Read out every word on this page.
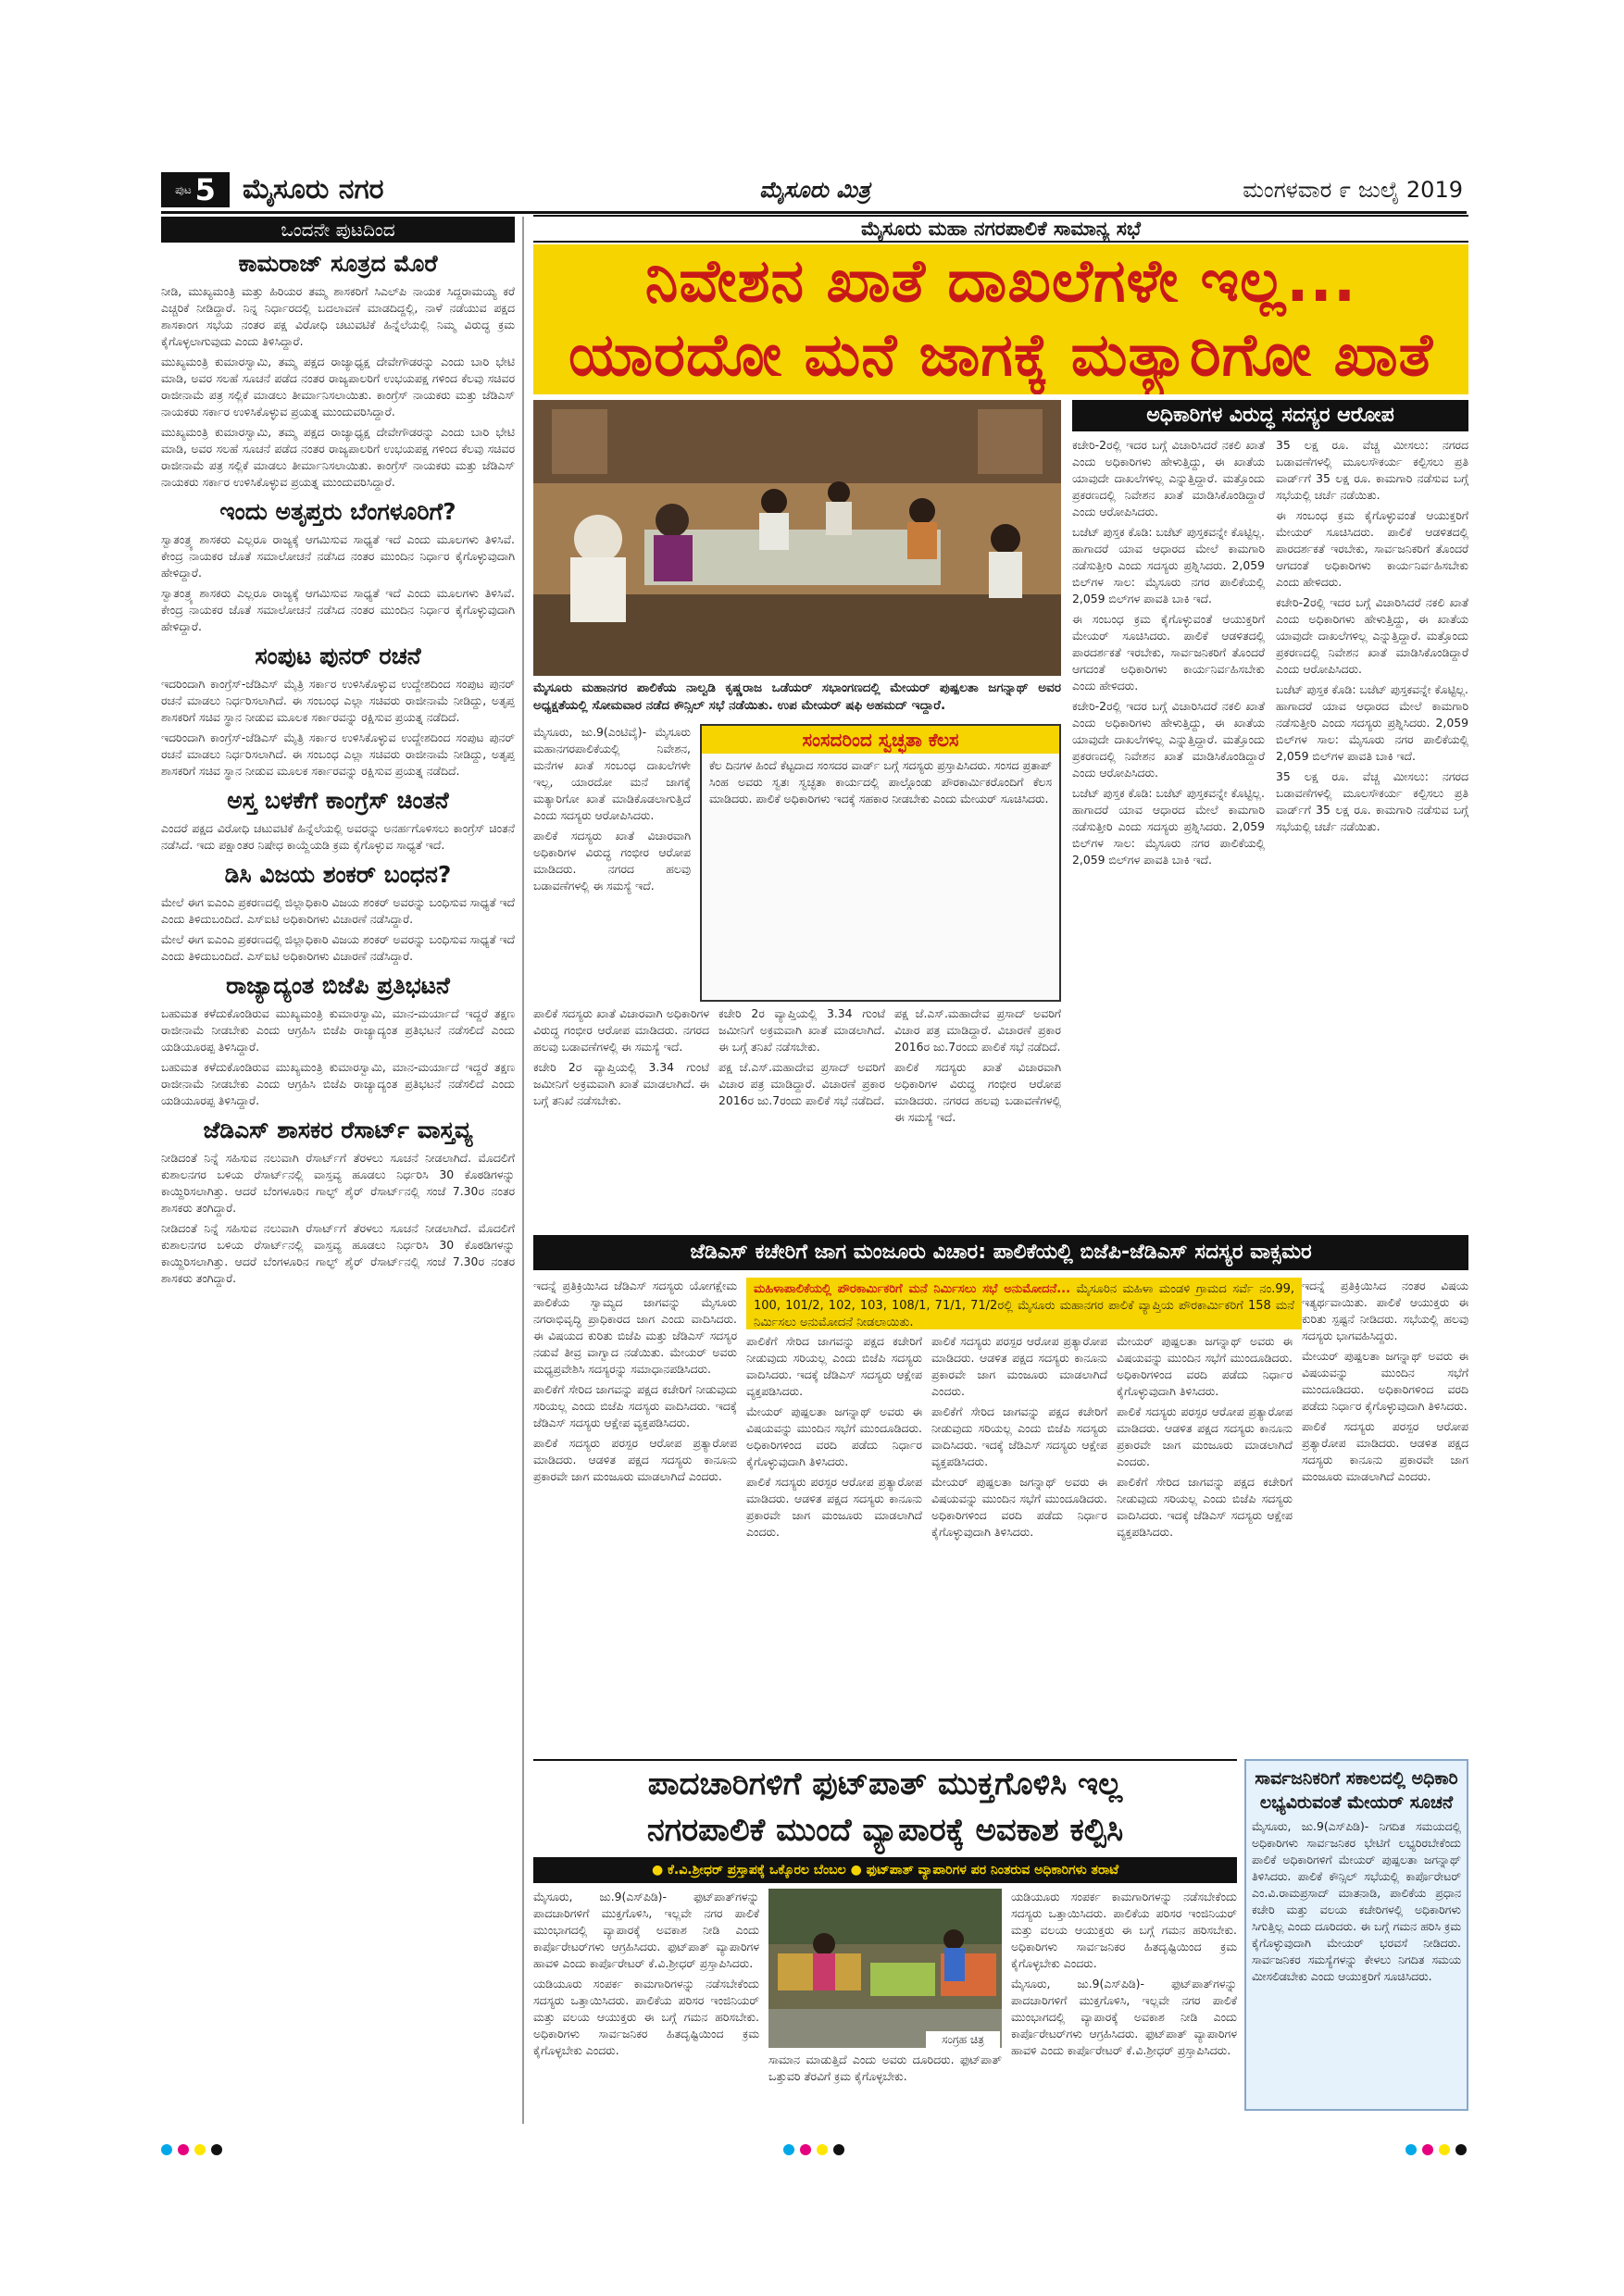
ಪುಟ 5 ಮೈಸೂರು ನಗರ	ಮೈಸೂರು ಮಿತ್ರ	ಮಂಗಳವಾರ ೯ ಜುಲೈ 2019
ಒಂದನೇ ಪುಟದಿಂದ
ಕಾಮರಾಜ್ ಸೂತ್ರದ ಮೊರೆ

ನೀಡಿ, ಮುಖ್ಯಮಂತ್ರಿ ಮತ್ತು ಹಿರಿಯರ ತಮ್ಮ ಶಾಸಕರಿಗೆ ಸಿಎಲ್‌ಪಿ ನಾಯಕ ಸಿದ್ದರಾಮಯ್ಯ ಕರೆ ಎಚ್ಚರಿಕೆ ನೀಡಿದ್ದಾರೆ. ನಿನ್ನ ನಿರ್ಧಾರದಲ್ಲಿ ಬದಲಾವಣೆ ಮಾಡದಿದ್ದಲ್ಲಿ, ನಾಳೆ ನಡೆಯುವ ಪಕ್ಷದ ಶಾಸಕಾಂಗ ಸಭೆಯ ನಂತರ ಪಕ್ಷ ವಿರೋಧಿ ಚಟುವಟಿಕೆ ಹಿನ್ನೆಲೆಯಲ್ಲಿ ನಿಮ್ಮ ವಿರುದ್ಧ ಕ್ರಮ ಕೈಗೊಳ್ಳಲಾಗುವುದು ಎಂದು ತಿಳಿಸಿದ್ದಾರೆ.

ಮುಖ್ಯಮಂತ್ರಿ ಕುಮಾರಸ್ವಾಮಿ, ತಮ್ಮ ಪಕ್ಷದ ರಾಜ್ಯಾಧ್ಯಕ್ಷ ದೇವೇಗೌಡರನ್ನು ಎಂದು ಬಾರಿ ಭೇಟಿ ಮಾಡಿ, ಅವರ ಸಲಹೆ ಸೂಚನೆ ಪಡೆದ ನಂತರ ರಾಜ್ಯಪಾಲರಿಗೆ ಉಭಯಪಕ್ಷ ಗಳಿಂದ ಕೆಲವು ಸಚಿವರ ರಾಜೀನಾಮೆ ಪತ್ರ ಸಲ್ಲಿಕೆ ಮಾಡಲು ತೀರ್ಮಾನಿಸಲಾಯಿತು. ಕಾಂಗ್ರೆಸ್ ನಾಯಕರು ಮತ್ತು ಜೆಡಿಎಸ್ ನಾಯಕರು ಸರ್ಕಾರ ಉಳಿಸಿಕೊಳ್ಳುವ ಪ್ರಯತ್ನ ಮುಂದುವರಿಸಿದ್ದಾರೆ.

ಮುಖ್ಯಮಂತ್ರಿ ಕುಮಾರಸ್ವಾಮಿ, ತಮ್ಮ ಪಕ್ಷದ ರಾಜ್ಯಾಧ್ಯಕ್ಷ ದೇವೇಗೌಡರನ್ನು ಎಂದು ಬಾರಿ ಭೇಟಿ ಮಾಡಿ, ಅವರ ಸಲಹೆ ಸೂಚನೆ ಪಡೆದ ನಂತರ ರಾಜ್ಯಪಾಲರಿಗೆ ಉಭಯಪಕ್ಷ ಗಳಿಂದ ಕೆಲವು ಸಚಿವರ ರಾಜೀನಾಮೆ ಪತ್ರ ಸಲ್ಲಿಕೆ ಮಾಡಲು ತೀರ್ಮಾನಿಸಲಾಯಿತು. ಕಾಂಗ್ರೆಸ್ ನಾಯಕರು ಮತ್ತು ಜೆಡಿಎಸ್ ನಾಯಕರು ಸರ್ಕಾರ ಉಳಿಸಿಕೊಳ್ಳುವ ಪ್ರಯತ್ನ ಮುಂದುವರಿಸಿದ್ದಾರೆ.

ಇಂದು ಅತೃಪ್ತರು ಬೆಂಗಳೂರಿಗೆ?

ಸ್ವಾತಂತ್ರ್ಯ ಶಾಸಕರು ಎಲ್ಲರೂ ರಾಜ್ಯಕ್ಕೆ ಆಗಮಿಸುವ ಸಾಧ್ಯತೆ ಇದೆ ಎಂದು ಮೂಲಗಳು ತಿಳಿಸಿವೆ. ಕೇಂದ್ರ ನಾಯಕರ ಜೊತೆ ಸಮಾಲೋಚನೆ ನಡೆಸಿದ ನಂತರ ಮುಂದಿನ ನಿರ್ಧಾರ ಕೈಗೊಳ್ಳುವುದಾಗಿ ಹೇಳಿದ್ದಾರೆ.

ಸ್ವಾತಂತ್ರ್ಯ ಶಾಸಕರು ಎಲ್ಲರೂ ರಾಜ್ಯಕ್ಕೆ ಆಗಮಿಸುವ ಸಾಧ್ಯತೆ ಇದೆ ಎಂದು ಮೂಲಗಳು ತಿಳಿಸಿವೆ. ಕೇಂದ್ರ ನಾಯಕರ ಜೊತೆ ಸಮಾಲೋಚನೆ ನಡೆಸಿದ ನಂತರ ಮುಂದಿನ ನಿರ್ಧಾರ ಕೈಗೊಳ್ಳುವುದಾಗಿ ಹೇಳಿದ್ದಾರೆ.

ಸಂಪುಟ ಪುನರ್ ರಚನೆ

ಇದರಿಂದಾಗಿ ಕಾಂಗ್ರೆಸ್-ಜೆಡಿಎಸ್ ಮೈತ್ರಿ ಸರ್ಕಾರ ಉಳಿಸಿಕೊಳ್ಳುವ ಉದ್ದೇಶದಿಂದ ಸಂಪುಟ ಪುನರ್ ರಚನೆ ಮಾಡಲು ನಿರ್ಧರಿಸಲಾಗಿದೆ. ಈ ಸಂಬಂಧ ಎಲ್ಲಾ ಸಚಿವರು ರಾಜೀನಾಮೆ ನೀಡಿದ್ದು, ಅತೃಪ್ತ ಶಾಸಕರಿಗೆ ಸಚಿವ ಸ್ಥಾನ ನೀಡುವ ಮೂಲಕ ಸರ್ಕಾರವನ್ನು ರಕ್ಷಿಸುವ ಪ್ರಯತ್ನ ನಡೆದಿದೆ.

ಇದರಿಂದಾಗಿ ಕಾಂಗ್ರೆಸ್-ಜೆಡಿಎಸ್ ಮೈತ್ರಿ ಸರ್ಕಾರ ಉಳಿಸಿಕೊಳ್ಳುವ ಉದ್ದೇಶದಿಂದ ಸಂಪುಟ ಪುನರ್ ರಚನೆ ಮಾಡಲು ನಿರ್ಧರಿಸಲಾಗಿದೆ. ಈ ಸಂಬಂಧ ಎಲ್ಲಾ ಸಚಿವರು ರಾಜೀನಾಮೆ ನೀಡಿದ್ದು, ಅತೃಪ್ತ ಶಾಸಕರಿಗೆ ಸಚಿವ ಸ್ಥಾನ ನೀಡುವ ಮೂಲಕ ಸರ್ಕಾರವನ್ನು ರಕ್ಷಿಸುವ ಪ್ರಯತ್ನ ನಡೆದಿದೆ.

ಅಸ್ತ ಬಳಕೆಗೆ ಕಾಂಗ್ರೆಸ್ ಚಿಂತನೆ

ಎಂದರೆ ಪಕ್ಷದ ವಿರೋಧಿ ಚಟುವಟಿಕೆ ಹಿನ್ನೆಲೆಯಲ್ಲಿ ಅವರನ್ನು ಅನರ್ಹಗೊಳಿಸಲು ಕಾಂಗ್ರೆಸ್ ಚಿಂತನೆ ನಡೆಸಿದೆ. ಇದು ಪಕ್ಷಾಂತರ ನಿಷೇಧ ಕಾಯ್ದೆಯಡಿ ಕ್ರಮ ಕೈಗೊಳ್ಳುವ ಸಾಧ್ಯತೆ ಇದೆ.

ಡಿಸಿ ವಿಜಯ ಶಂಕರ್ ಬಂಧನ?

ಮೇಲೆ ಈಗ ಐಎಂಎ ಪ್ರಕರಣದಲ್ಲಿ ಜಿಲ್ಲಾಧಿಕಾರಿ ವಿಜಯ ಶಂಕರ್ ಅವರನ್ನು ಬಂಧಿಸುವ ಸಾಧ್ಯತೆ ಇದೆ ಎಂದು ತಿಳಿದುಬಂದಿದೆ. ಎಸ್‌ಐಟಿ ಅಧಿಕಾರಿಗಳು ವಿಚಾರಣೆ ನಡೆಸಿದ್ದಾರೆ.

ಮೇಲೆ ಈಗ ಐಎಂಎ ಪ್ರಕರಣದಲ್ಲಿ ಜಿಲ್ಲಾಧಿಕಾರಿ ವಿಜಯ ಶಂಕರ್ ಅವರನ್ನು ಬಂಧಿಸುವ ಸಾಧ್ಯತೆ ಇದೆ ಎಂದು ತಿಳಿದುಬಂದಿದೆ. ಎಸ್‌ಐಟಿ ಅಧಿಕಾರಿಗಳು ವಿಚಾರಣೆ ನಡೆಸಿದ್ದಾರೆ.

ರಾಜ್ಯಾದ್ಯಂತ ಬಿಜೆಪಿ ಪ್ರತಿಭಟನೆ

ಬಹುಮತ ಕಳೆದುಕೊಂಡಿರುವ ಮುಖ್ಯಮಂತ್ರಿ ಕುಮಾರಸ್ವಾಮಿ, ಮಾನ-ಮರ್ಯಾದೆ ಇದ್ದರೆ ತಕ್ಷಣ ರಾಜೀನಾಮೆ ನೀಡಬೇಕು ಎಂದು ಆಗ್ರಹಿಸಿ ಬಿಜೆಪಿ ರಾಜ್ಯಾದ್ಯಂತ ಪ್ರತಿಭಟನೆ ನಡೆಸಲಿದೆ ಎಂದು ಯಡಿಯೂರಪ್ಪ ತಿಳಿಸಿದ್ದಾರೆ.

ಬಹುಮತ ಕಳೆದುಕೊಂಡಿರುವ ಮುಖ್ಯಮಂತ್ರಿ ಕುಮಾರಸ್ವಾಮಿ, ಮಾನ-ಮರ್ಯಾದೆ ಇದ್ದರೆ ತಕ್ಷಣ ರಾಜೀನಾಮೆ ನೀಡಬೇಕು ಎಂದು ಆಗ್ರಹಿಸಿ ಬಿಜೆಪಿ ರಾಜ್ಯಾದ್ಯಂತ ಪ್ರತಿಭಟನೆ ನಡೆಸಲಿದೆ ಎಂದು ಯಡಿಯೂರಪ್ಪ ತಿಳಿಸಿದ್ದಾರೆ.

ಜೆಡಿಎಸ್ ಶಾಸಕರ ರೆಸಾರ್ಟ್ ವಾಸ್ತವ್ಯ

ನೀಡಿದಂತೆ ನಿನ್ನೆ ಸಹಿಸುವ ನಲುವಾಗಿ ರೆಸಾರ್ಟ್‌ಗೆ ತೆರಳಲು ಸೂಚನೆ ನೀಡಲಾಗಿದೆ. ಮೊದಲಿಗೆ ಕುಶಾಲನಗರ ಬಳಿಯ ರೆಸಾರ್ಟ್‌ನಲ್ಲಿ ವಾಸ್ತವ್ಯ ಹೂಡಲು ನಿರ್ಧರಿಸಿ 30 ಕೊಠಡಿಗಳನ್ನು ಕಾಯ್ದಿರಿಸಲಾಗಿತ್ತು. ಆದರೆ ಬೆಂಗಳೂರಿನ ಗಾಲ್ಫ್ ಶೈರ್ ರೆಸಾರ್ಟ್‌ನಲ್ಲಿ ಸಂಜೆ 7.30ರ ನಂತರ ಶಾಸಕರು ತಂಗಿದ್ದಾರೆ.

ನೀಡಿದಂತೆ ನಿನ್ನೆ ಸಹಿಸುವ ನಲುವಾಗಿ ರೆಸಾರ್ಟ್‌ಗೆ ತೆರಳಲು ಸೂಚನೆ ನೀಡಲಾಗಿದೆ. ಮೊದಲಿಗೆ ಕುಶಾಲನಗರ ಬಳಿಯ ರೆಸಾರ್ಟ್‌ನಲ್ಲಿ ವಾಸ್ತವ್ಯ ಹೂಡಲು ನಿರ್ಧರಿಸಿ 30 ಕೊಠಡಿಗಳನ್ನು ಕಾಯ್ದಿರಿಸಲಾಗಿತ್ತು. ಆದರೆ ಬೆಂಗಳೂರಿನ ಗಾಲ್ಫ್ ಶೈರ್ ರೆಸಾರ್ಟ್‌ನಲ್ಲಿ ಸಂಜೆ 7.30ರ ನಂತರ ಶಾಸಕರು ತಂಗಿದ್ದಾರೆ.

ಮೈಸೂರು ಮಹಾ ನಗರಪಾಲಿಕೆ ಸಾಮಾನ್ಯ ಸಭೆ
ನಿವೇಶನ ಖಾತೆ ದಾಖಲೆಗಳೇ ಇಲ್ಲ...
ಯಾರದೋ ಮನೆ ಜಾಗಕ್ಕೆ ಮತ್ಯಾರಿಗೋ ಖಾತೆ
ಮೈಸೂರು ಮಹಾನಗರ ಪಾಲಿಕೆಯ ನಾಲ್ವಡಿ ಕೃಷ್ಣರಾಜ ಒಡೆಯರ್ ಸಭಾಂಗಣದಲ್ಲಿ ಮೇಯರ್ ಪುಷ್ಪಲತಾ ಜಗನ್ನಾಥ್ ಅವರ ಅಧ್ಯಕ್ಷತೆಯಲ್ಲಿ ಸೋಮವಾರ ನಡೆದ ಕೌನ್ಸಿಲ್ ಸಭೆ ನಡೆಯಿತು. ಉಪ ಮೇಯರ್ ಷಫಿ ಅಹಮದ್ ಇದ್ದಾರೆ.
ಅಧಿಕಾರಿಗಳ ವಿರುದ್ಧ ಸದಸ್ಯರ ಆರೋಪ

ಕಚೇರಿ-2ರಲ್ಲಿ ಇದರ ಬಗ್ಗೆ ವಿಚಾರಿಸಿದರೆ ನಕಲಿ ಖಾತೆ ಎಂದು ಅಧಿಕಾರಿಗಳು ಹೇಳುತ್ತಿದ್ದು, ಈ ಖಾತೆಯ ಯಾವುದೇ ದಾಖಲೆಗಳಿಲ್ಲ ಎನ್ನುತ್ತಿದ್ದಾರೆ. ಮತ್ತೊಂದು ಪ್ರಕರಣದಲ್ಲಿ ನಿವೇಶನ ಖಾತೆ ಮಾಡಿಸಿಕೊಂಡಿದ್ದಾರೆ ಎಂದು ಆರೋಪಿಸಿದರು.

ಬಜೆಟ್ ಪುಸ್ತಕ ಕೊಡಿ: ಬಜೆಟ್ ಪುಸ್ತಕವನ್ನೇ ಕೊಟ್ಟಿಲ್ಲ. ಹಾಗಾದರೆ ಯಾವ ಆಧಾರದ ಮೇಲೆ ಕಾಮಗಾರಿ ನಡೆಸುತ್ತೀರಿ ಎಂದು ಸದಸ್ಯರು ಪ್ರಶ್ನಿಸಿದರು. 2,059 ಬಿಲ್‌ಗಳ ಸಾಲ: ಮೈಸೂರು ನಗರ ಪಾಲಿಕೆಯಲ್ಲಿ 2,059 ಬಿಲ್‌ಗಳ ಪಾವತಿ ಬಾಕಿ ಇದೆ.

ಈ ಸಂಬಂಧ ಕ್ರಮ ಕೈಗೊಳ್ಳುವಂತೆ ಆಯುಕ್ತರಿಗೆ ಮೇಯರ್ ಸೂಚಿಸಿದರು. ಪಾಲಿಕೆ ಆಡಳಿತದಲ್ಲಿ ಪಾರದರ್ಶಕತೆ ಇರಬೇಕು, ಸಾರ್ವಜನಿಕರಿಗೆ ತೊಂದರೆ ಆಗದಂತೆ ಅಧಿಕಾರಿಗಳು ಕಾರ್ಯನಿರ್ವಹಿಸಬೇಕು ಎಂದು ಹೇಳಿದರು.

ಕಚೇರಿ-2ರಲ್ಲಿ ಇದರ ಬಗ್ಗೆ ವಿಚಾರಿಸಿದರೆ ನಕಲಿ ಖಾತೆ ಎಂದು ಅಧಿಕಾರಿಗಳು ಹೇಳುತ್ತಿದ್ದು, ಈ ಖಾತೆಯ ಯಾವುದೇ ದಾಖಲೆಗಳಿಲ್ಲ ಎನ್ನುತ್ತಿದ್ದಾರೆ. ಮತ್ತೊಂದು ಪ್ರಕರಣದಲ್ಲಿ ನಿವೇಶನ ಖಾತೆ ಮಾಡಿಸಿಕೊಂಡಿದ್ದಾರೆ ಎಂದು ಆರೋಪಿಸಿದರು.

ಬಜೆಟ್ ಪುಸ್ತಕ ಕೊಡಿ: ಬಜೆಟ್ ಪುಸ್ತಕವನ್ನೇ ಕೊಟ್ಟಿಲ್ಲ. ಹಾಗಾದರೆ ಯಾವ ಆಧಾರದ ಮೇಲೆ ಕಾಮಗಾರಿ ನಡೆಸುತ್ತೀರಿ ಎಂದು ಸದಸ್ಯರು ಪ್ರಶ್ನಿಸಿದರು. 2,059 ಬಿಲ್‌ಗಳ ಸಾಲ: ಮೈಸೂರು ನಗರ ಪಾಲಿಕೆಯಲ್ಲಿ 2,059 ಬಿಲ್‌ಗಳ ಪಾವತಿ ಬಾಕಿ ಇದೆ.

35 ಲಕ್ಷ ರೂ. ವೆಚ್ಚ ಮೀಸಲು: ನಗರದ ಬಡಾವಣೆಗಳಲ್ಲಿ ಮೂಲಸೌಕರ್ಯ ಕಲ್ಪಿಸಲು ಪ್ರತಿ ವಾರ್ಡ್‌ಗೆ 35 ಲಕ್ಷ ರೂ. ಕಾಮಗಾರಿ ನಡೆಸುವ ಬಗ್ಗೆ ಸಭೆಯಲ್ಲಿ ಚರ್ಚೆ ನಡೆಯಿತು.

ಈ ಸಂಬಂಧ ಕ್ರಮ ಕೈಗೊಳ್ಳುವಂತೆ ಆಯುಕ್ತರಿಗೆ ಮೇಯರ್ ಸೂಚಿಸಿದರು. ಪಾಲಿಕೆ ಆಡಳಿತದಲ್ಲಿ ಪಾರದರ್ಶಕತೆ ಇರಬೇಕು, ಸಾರ್ವಜನಿಕರಿಗೆ ತೊಂದರೆ ಆಗದಂತೆ ಅಧಿಕಾರಿಗಳು ಕಾರ್ಯನಿರ್ವಹಿಸಬೇಕು ಎಂದು ಹೇಳಿದರು.

ಕಚೇರಿ-2ರಲ್ಲಿ ಇದರ ಬಗ್ಗೆ ವಿಚಾರಿಸಿದರೆ ನಕಲಿ ಖಾತೆ ಎಂದು ಅಧಿಕಾರಿಗಳು ಹೇಳುತ್ತಿದ್ದು, ಈ ಖಾತೆಯ ಯಾವುದೇ ದಾಖಲೆಗಳಿಲ್ಲ ಎನ್ನುತ್ತಿದ್ದಾರೆ. ಮತ್ತೊಂದು ಪ್ರಕರಣದಲ್ಲಿ ನಿವೇಶನ ಖಾತೆ ಮಾಡಿಸಿಕೊಂಡಿದ್ದಾರೆ ಎಂದು ಆರೋಪಿಸಿದರು.

ಬಜೆಟ್ ಪುಸ್ತಕ ಕೊಡಿ: ಬಜೆಟ್ ಪುಸ್ತಕವನ್ನೇ ಕೊಟ್ಟಿಲ್ಲ. ಹಾಗಾದರೆ ಯಾವ ಆಧಾರದ ಮೇಲೆ ಕಾಮಗಾರಿ ನಡೆಸುತ್ತೀರಿ ಎಂದು ಸದಸ್ಯರು ಪ್ರಶ್ನಿಸಿದರು. 2,059 ಬಿಲ್‌ಗಳ ಸಾಲ: ಮೈಸೂರು ನಗರ ಪಾಲಿಕೆಯಲ್ಲಿ 2,059 ಬಿಲ್‌ಗಳ ಪಾವತಿ ಬಾಕಿ ಇದೆ.

35 ಲಕ್ಷ ರೂ. ವೆಚ್ಚ ಮೀಸಲು: ನಗರದ ಬಡಾವಣೆಗಳಲ್ಲಿ ಮೂಲಸೌಕರ್ಯ ಕಲ್ಪಿಸಲು ಪ್ರತಿ ವಾರ್ಡ್‌ಗೆ 35 ಲಕ್ಷ ರೂ. ಕಾಮಗಾರಿ ನಡೆಸುವ ಬಗ್ಗೆ ಸಭೆಯಲ್ಲಿ ಚರ್ಚೆ ನಡೆಯಿತು.

ಮೈಸೂರು, ಜು.9(ಎಂಟಿವೈ)- ಮೈಸೂರು ಮಹಾನಗರಪಾಲಿಕೆಯಲ್ಲಿ ನಿವೇಶನ, ಮನೆಗಳ ಖಾತೆ ಸಂಬಂಧ ದಾಖಲೆಗಳೇ ಇಲ್ಲ, ಯಾರದೋ ಮನೆ ಜಾಗಕ್ಕೆ ಮತ್ಯಾರಿಗೋ ಖಾತೆ ಮಾಡಿಕೊಡಲಾಗುತ್ತಿದೆ ಎಂದು ಸದಸ್ಯರು ಆರೋಪಿಸಿದರು.

ಪಾಲಿಕೆ ಸದಸ್ಯರು ಖಾತೆ ವಿಚಾರವಾಗಿ ಅಧಿಕಾರಿಗಳ ವಿರುದ್ಧ ಗಂಭೀರ ಆರೋಪ ಮಾಡಿದರು. ನಗರದ ಹಲವು ಬಡಾವಣೆಗಳಲ್ಲಿ ಈ ಸಮಸ್ಯೆ ಇದೆ.

ಸಂಸದರಿಂದ ಸ್ವಚ್ಛತಾ ಕೆಲಸ
ಕೆಲ ದಿನಗಳ ಹಿಂದೆ ಕೆಟ್ಟದಾದ ಸಂಸದರ ವಾರ್ಡ್ ಬಗ್ಗೆ ಸದಸ್ಯರು ಪ್ರಸ್ತಾಪಿಸಿದರು. ಸಂಸದ ಪ್ರತಾಪ್ ಸಿಂಹ ಅವರು ಸ್ವತಃ ಸ್ವಚ್ಛತಾ ಕಾರ್ಯದಲ್ಲಿ ಪಾಲ್ಗೊಂಡು ಪೌರಕಾರ್ಮಿಕರೊಂದಿಗೆ ಕೆಲಸ ಮಾಡಿದರು. ಪಾಲಿಕೆ ಅಧಿಕಾರಿಗಳು ಇದಕ್ಕೆ ಸಹಕಾರ ನೀಡಬೇಕು ಎಂದು ಮೇಯರ್ ಸೂಚಿಸಿದರು.

ಪಾಲಿಕೆ ಸದಸ್ಯರು ಖಾತೆ ವಿಚಾರವಾಗಿ ಅಧಿಕಾರಿಗಳ ವಿರುದ್ಧ ಗಂಭೀರ ಆರೋಪ ಮಾಡಿದರು. ನಗರದ ಹಲವು ಬಡಾವಣೆಗಳಲ್ಲಿ ಈ ಸಮಸ್ಯೆ ಇದೆ.

ಕಚೇರಿ 2ರ ವ್ಯಾಪ್ತಿಯಲ್ಲಿ 3.34 ಗುಂಟೆ ಜಮೀನಿಗೆ ಅಕ್ರಮವಾಗಿ ಖಾತೆ ಮಾಡಲಾಗಿದೆ. ಈ ಬಗ್ಗೆ ತನಿಖೆ ನಡೆಸಬೇಕು.

ಕಚೇರಿ 2ರ ವ್ಯಾಪ್ತಿಯಲ್ಲಿ 3.34 ಗುಂಟೆ ಜಮೀನಿಗೆ ಅಕ್ರಮವಾಗಿ ಖಾತೆ ಮಾಡಲಾಗಿದೆ. ಈ ಬಗ್ಗೆ ತನಿಖೆ ನಡೆಸಬೇಕು.

ಪಕ್ಷ ಜೆ.ಎಸ್.ಮಹಾದೇವ ಪ್ರಸಾದ್ ಅವರಿಗೆ ವಿಚಾರ ಪತ್ರ ಮಾಡಿದ್ದಾರೆ. ವಿಚಾರಣೆ ಪ್ರಕಾರ 2016ರ ಜು.7ರಂದು ಪಾಲಿಕೆ ಸಭೆ ನಡೆದಿದೆ.

ಪಕ್ಷ ಜೆ.ಎಸ್.ಮಹಾದೇವ ಪ್ರಸಾದ್ ಅವರಿಗೆ ವಿಚಾರ ಪತ್ರ ಮಾಡಿದ್ದಾರೆ. ವಿಚಾರಣೆ ಪ್ರಕಾರ 2016ರ ಜು.7ರಂದು ಪಾಲಿಕೆ ಸಭೆ ನಡೆದಿದೆ.

ಪಾಲಿಕೆ ಸದಸ್ಯರು ಖಾತೆ ವಿಚಾರವಾಗಿ ಅಧಿಕಾರಿಗಳ ವಿರುದ್ಧ ಗಂಭೀರ ಆರೋಪ ಮಾಡಿದರು. ನಗರದ ಹಲವು ಬಡಾವಣೆಗಳಲ್ಲಿ ಈ ಸಮಸ್ಯೆ ಇದೆ.

ಜೆಡಿಎಸ್ ಕಚೇರಿಗೆ ಜಾಗ ಮಂಜೂರು ವಿಚಾರ: ಪಾಲಿಕೆಯಲ್ಲಿ ಬಿಜೆಪಿ-ಜೆಡಿಎಸ್ ಸದಸ್ಯರ ವಾಕ್ಸಮರ
ಮಹಿಳಾಪಾಲಿಕೆಯಲ್ಲಿ ಪೌರಕಾರ್ಮಿಕರಿಗೆ ಮನೆ ನಿರ್ಮಿಸಲು ಸಭೆ ಅನುಮೋದನೆ... ಮೈಸೂರಿನ ಮಹಿಳಾ ಮಂಡಳಿ ಗ್ರಾಮದ ಸರ್ವೆ ನಂ.99, 100, 101/2, 102, 103, 108/1, 71/1, 71/2ರಲ್ಲಿ ಮೈಸೂರು ಮಹಾನಗರ ಪಾಲಿಕೆ ವ್ಯಾಪ್ತಿಯ ಪೌರಕಾರ್ಮಿಕರಿಗೆ 158 ಮನೆ ನಿರ್ಮಿಸಲು ಅನುಮೋದನೆ ನೀಡಲಾಯಿತು.

ಇದನ್ನೆ ಪ್ರತಿಕ್ರಿಯಿಸಿದ ಜೆಡಿಎಸ್ ಸದಸ್ಯರು ಯೋಗಕ್ಷೇಮ ಪಾಲಿಕೆಯ ಸ್ವಾಮ್ಯದ ಜಾಗವನ್ನು ಮೈಸೂರು ನಗರಾಭಿವೃದ್ಧಿ ಪ್ರಾಧಿಕಾರದ ಜಾಗ ಎಂದು ವಾದಿಸಿದರು. ಈ ವಿಷಯದ ಕುರಿತು ಬಿಜೆಪಿ ಮತ್ತು ಜೆಡಿಎಸ್ ಸದಸ್ಯರ ನಡುವೆ ತೀವ್ರ ವಾಗ್ವಾದ ನಡೆಯಿತು. ಮೇಯರ್ ಅವರು ಮಧ್ಯಪ್ರವೇಶಿಸಿ ಸದಸ್ಯರನ್ನು ಸಮಾಧಾನಪಡಿಸಿದರು.

ಪಾಲಿಕೆಗೆ ಸೇರಿದ ಜಾಗವನ್ನು ಪಕ್ಷದ ಕಚೇರಿಗೆ ನೀಡುವುದು ಸರಿಯಲ್ಲ ಎಂದು ಬಿಜೆಪಿ ಸದಸ್ಯರು ವಾದಿಸಿದರು. ಇದಕ್ಕೆ ಜೆಡಿಎಸ್ ಸದಸ್ಯರು ಆಕ್ಷೇಪ ವ್ಯಕ್ತಪಡಿಸಿದರು.

ಪಾಲಿಕೆ ಸದಸ್ಯರು ಪರಸ್ಪರ ಆರೋಪ ಪ್ರತ್ಯಾರೋಪ ಮಾಡಿದರು. ಆಡಳಿತ ಪಕ್ಷದ ಸದಸ್ಯರು ಕಾನೂನು ಪ್ರಕಾರವೇ ಜಾಗ ಮಂಜೂರು ಮಾಡಲಾಗಿದೆ ಎಂದರು.

ಪಾಲಿಕೆಗೆ ಸೇರಿದ ಜಾಗವನ್ನು ಪಕ್ಷದ ಕಚೇರಿಗೆ ನೀಡುವುದು ಸರಿಯಲ್ಲ ಎಂದು ಬಿಜೆಪಿ ಸದಸ್ಯರು ವಾದಿಸಿದರು. ಇದಕ್ಕೆ ಜೆಡಿಎಸ್ ಸದಸ್ಯರು ಆಕ್ಷೇಪ ವ್ಯಕ್ತಪಡಿಸಿದರು.

ಮೇಯರ್ ಪುಷ್ಪಲತಾ ಜಗನ್ನಾಥ್ ಅವರು ಈ ವಿಷಯವನ್ನು ಮುಂದಿನ ಸಭೆಗೆ ಮುಂದೂಡಿದರು. ಅಧಿಕಾರಿಗಳಿಂದ ವರದಿ ಪಡೆದು ನಿರ್ಧಾರ ಕೈಗೊಳ್ಳುವುದಾಗಿ ತಿಳಿಸಿದರು.

ಪಾಲಿಕೆ ಸದಸ್ಯರು ಪರಸ್ಪರ ಆರೋಪ ಪ್ರತ್ಯಾರೋಪ ಮಾಡಿದರು. ಆಡಳಿತ ಪಕ್ಷದ ಸದಸ್ಯರು ಕಾನೂನು ಪ್ರಕಾರವೇ ಜಾಗ ಮಂಜೂರು ಮಾಡಲಾಗಿದೆ ಎಂದರು.

ಪಾಲಿಕೆ ಸದಸ್ಯರು ಪರಸ್ಪರ ಆರೋಪ ಪ್ರತ್ಯಾರೋಪ ಮಾಡಿದರು. ಆಡಳಿತ ಪಕ್ಷದ ಸದಸ್ಯರು ಕಾನೂನು ಪ್ರಕಾರವೇ ಜಾಗ ಮಂಜೂರು ಮಾಡಲಾಗಿದೆ ಎಂದರು.

ಪಾಲಿಕೆಗೆ ಸೇರಿದ ಜಾಗವನ್ನು ಪಕ್ಷದ ಕಚೇರಿಗೆ ನೀಡುವುದು ಸರಿಯಲ್ಲ ಎಂದು ಬಿಜೆಪಿ ಸದಸ್ಯರು ವಾದಿಸಿದರು. ಇದಕ್ಕೆ ಜೆಡಿಎಸ್ ಸದಸ್ಯರು ಆಕ್ಷೇಪ ವ್ಯಕ್ತಪಡಿಸಿದರು.

ಮೇಯರ್ ಪುಷ್ಪಲತಾ ಜಗನ್ನಾಥ್ ಅವರು ಈ ವಿಷಯವನ್ನು ಮುಂದಿನ ಸಭೆಗೆ ಮುಂದೂಡಿದರು. ಅಧಿಕಾರಿಗಳಿಂದ ವರದಿ ಪಡೆದು ನಿರ್ಧಾರ ಕೈಗೊಳ್ಳುವುದಾಗಿ ತಿಳಿಸಿದರು.

ಮೇಯರ್ ಪುಷ್ಪಲತಾ ಜಗನ್ನಾಥ್ ಅವರು ಈ ವಿಷಯವನ್ನು ಮುಂದಿನ ಸಭೆಗೆ ಮುಂದೂಡಿದರು. ಅಧಿಕಾರಿಗಳಿಂದ ವರದಿ ಪಡೆದು ನಿರ್ಧಾರ ಕೈಗೊಳ್ಳುವುದಾಗಿ ತಿಳಿಸಿದರು.

ಪಾಲಿಕೆ ಸದಸ್ಯರು ಪರಸ್ಪರ ಆರೋಪ ಪ್ರತ್ಯಾರೋಪ ಮಾಡಿದರು. ಆಡಳಿತ ಪಕ್ಷದ ಸದಸ್ಯರು ಕಾನೂನು ಪ್ರಕಾರವೇ ಜಾಗ ಮಂಜೂರು ಮಾಡಲಾಗಿದೆ ಎಂದರು.

ಪಾಲಿಕೆಗೆ ಸೇರಿದ ಜಾಗವನ್ನು ಪಕ್ಷದ ಕಚೇರಿಗೆ ನೀಡುವುದು ಸರಿಯಲ್ಲ ಎಂದು ಬಿಜೆಪಿ ಸದಸ್ಯರು ವಾದಿಸಿದರು. ಇದಕ್ಕೆ ಜೆಡಿಎಸ್ ಸದಸ್ಯರು ಆಕ್ಷೇಪ ವ್ಯಕ್ತಪಡಿಸಿದರು.

ಇದನ್ನೆ ಪ್ರತಿಕ್ರಿಯಿಸಿದ ನಂತರ ವಿಷಯ ಇತ್ಯರ್ಥವಾಯಿತು. ಪಾಲಿಕೆ ಆಯುಕ್ತರು ಈ ಕುರಿತು ಸ್ಪಷ್ಟನೆ ನೀಡಿದರು. ಸಭೆಯಲ್ಲಿ ಹಲವು ಸದಸ್ಯರು ಭಾಗವಹಿಸಿದ್ದರು.

ಮೇಯರ್ ಪುಷ್ಪಲತಾ ಜಗನ್ನಾಥ್ ಅವರು ಈ ವಿಷಯವನ್ನು ಮುಂದಿನ ಸಭೆಗೆ ಮುಂದೂಡಿದರು. ಅಧಿಕಾರಿಗಳಿಂದ ವರದಿ ಪಡೆದು ನಿರ್ಧಾರ ಕೈಗೊಳ್ಳುವುದಾಗಿ ತಿಳಿಸಿದರು.

ಪಾಲಿಕೆ ಸದಸ್ಯರು ಪರಸ್ಪರ ಆರೋಪ ಪ್ರತ್ಯಾರೋಪ ಮಾಡಿದರು. ಆಡಳಿತ ಪಕ್ಷದ ಸದಸ್ಯರು ಕಾನೂನು ಪ್ರಕಾರವೇ ಜಾಗ ಮಂಜೂರು ಮಾಡಲಾಗಿದೆ ಎಂದರು.

ಪಾದಚಾರಿಗಳಿಗೆ ಫುಟ್‌ಪಾತ್ ಮುಕ್ತಗೊಳಿಸಿ ಇಲ್ಲ
ನಗರಪಾಲಿಕೆ ಮುಂದೆ ವ್ಯಾಪಾರಕ್ಕೆ ಅವಕಾಶ ಕಲ್ಪಿಸಿ
● ಕೆ.ವಿ.ಶ್ರೀಧರ್ ಪ್ರಸ್ತಾಪಕ್ಕೆ ಒಕ್ಕೊರಲ ಬೆಂಬಲ ● ಫುಟ್‌ಪಾತ್ ವ್ಯಾಪಾರಿಗಳ ಪರ ನಿಂತರುವ ಅಧಿಕಾರಿಗಳು ತರಾಟೆ
ಸಂಗ್ರಹ ಚಿತ್ರ

ಮೈಸೂರು, ಜು.9(ಎಸ್‌ಪಿಡಿ)- ಫುಟ್‌ಪಾತ್‌ಗಳನ್ನು ಪಾದಚಾರಿಗಳಿಗೆ ಮುಕ್ತಗೊಳಿಸಿ, ಇಲ್ಲವೇ ನಗರ ಪಾಲಿಕೆ ಮುಂಭಾಗದಲ್ಲಿ ವ್ಯಾಪಾರಕ್ಕೆ ಅವಕಾಶ ನೀಡಿ ಎಂದು ಕಾರ್ಪೊರೇಟರ್‌ಗಳು ಆಗ್ರಹಿಸಿದರು. ಫುಟ್‌ಪಾತ್ ವ್ಯಾಪಾರಿಗಳ ಹಾವಳಿ ಎಂದು ಕಾರ್ಪೊರೇಟರ್ ಕೆ.ವಿ.ಶ್ರೀಧರ್ ಪ್ರಸ್ತಾಪಿಸಿದರು.

ಯಡಿಯೂರು ಸಂಪರ್ಕ ಕಾಮಗಾರಿಗಳನ್ನು ನಡೆಸಬೇಕೆಂದು ಸದಸ್ಯರು ಒತ್ತಾಯಿಸಿದರು. ಪಾಲಿಕೆಯ ಪರಿಸರ ಇಂಜಿನಿಯರ್ ಮತ್ತು ವಲಯ ಆಯುಕ್ತರು ಈ ಬಗ್ಗೆ ಗಮನ ಹರಿಸಬೇಕು. ಅಧಿಕಾರಿಗಳು ಸಾರ್ವಜನಿಕರ ಹಿತದೃಷ್ಟಿಯಿಂದ ಕ್ರಮ ಕೈಗೊಳ್ಳಬೇಕು ಎಂದರು.

ಯಡಿಯೂರು ಸಂಪರ್ಕ ಕಾಮಗಾರಿಗಳನ್ನು ನಡೆಸಬೇಕೆಂದು ಸದಸ್ಯರು ಒತ್ತಾಯಿಸಿದರು. ಪಾಲಿಕೆಯ ಪರಿಸರ ಇಂಜಿನಿಯರ್ ಮತ್ತು ವಲಯ ಆಯುಕ್ತರು ಈ ಬಗ್ಗೆ ಗಮನ ಹರಿಸಬೇಕು. ಅಧಿಕಾರಿಗಳು ಸಾರ್ವಜನಿಕರ ಹಿತದೃಷ್ಟಿಯಿಂದ ಕ್ರಮ ಕೈಗೊಳ್ಳಬೇಕು ಎಂದರು.

ಮೈಸೂರು, ಜು.9(ಎಸ್‌ಪಿಡಿ)- ಫುಟ್‌ಪಾತ್‌ಗಳನ್ನು ಪಾದಚಾರಿಗಳಿಗೆ ಮುಕ್ತಗೊಳಿಸಿ, ಇಲ್ಲವೇ ನಗರ ಪಾಲಿಕೆ ಮುಂಭಾಗದಲ್ಲಿ ವ್ಯಾಪಾರಕ್ಕೆ ಅವಕಾಶ ನೀಡಿ ಎಂದು ಕಾರ್ಪೊರೇಟರ್‌ಗಳು ಆಗ್ರಹಿಸಿದರು. ಫುಟ್‌ಪಾತ್ ವ್ಯಾಪಾರಿಗಳ ಹಾವಳಿ ಎಂದು ಕಾರ್ಪೊರೇಟರ್ ಕೆ.ವಿ.ಶ್ರೀಧರ್ ಪ್ರಸ್ತಾಪಿಸಿದರು.

ಸಾಮಾನ ಮಾಡುತ್ತಿದೆ ಎಂದು ಅವರು ದೂರಿದರು. ಫುಟ್‌ಪಾತ್ ಒತ್ತುವರಿ ತೆರವಿಗೆ ಕ್ರಮ ಕೈಗೊಳ್ಳಬೇಕು.

ಸಾರ್ವಜನಿಕರಿಗೆ ಸಕಾಲದಲ್ಲಿ ಅಧಿಕಾರಿ ಲಭ್ಯವಿರುವಂತೆ ಮೇಯರ್ ಸೂಚನೆ
ಮೈಸೂರು, ಜು.9(ಎಸ್‌ಪಿಡಿ)- ನಿಗದಿತ ಸಮಯದಲ್ಲಿ ಅಧಿಕಾರಿಗಳು ಸಾರ್ವಜನಿಕರ ಭೇಟಿಗೆ ಲಭ್ಯರಿರಬೇಕೆಂದು ಪಾಲಿಕೆ ಅಧಿಕಾರಿಗಳಿಗೆ ಮೇಯರ್ ಪುಷ್ಪಲತಾ ಜಗನ್ನಾಥ್ ತಿಳಿಸಿದರು. ಪಾಲಿಕೆ ಕೌನ್ಸಿಲ್ ಸಭೆಯಲ್ಲಿ ಕಾರ್ಪೊರೇಟರ್ ಎಂ.ವಿ.ರಾಮಪ್ರಸಾದ್ ಮಾತನಾಡಿ, ಪಾಲಿಕೆಯ ಪ್ರಧಾನ ಕಚೇರಿ ಮತ್ತು ವಲಯ ಕಚೇರಿಗಳಲ್ಲಿ ಅಧಿಕಾರಿಗಳು ಸಿಗುತ್ತಿಲ್ಲ ಎಂದು ದೂರಿದರು. ಈ ಬಗ್ಗೆ ಗಮನ ಹರಿಸಿ ಕ್ರಮ ಕೈಗೊಳ್ಳುವುದಾಗಿ ಮೇಯರ್ ಭರವಸೆ ನೀಡಿದರು. ಸಾರ್ವಜನಿಕರ ಸಮಸ್ಯೆಗಳನ್ನು ಕೇಳಲು ನಿಗದಿತ ಸಮಯ ಮೀಸಲಿಡಬೇಕು ಎಂದು ಆಯುಕ್ತರಿಗೆ ಸೂಚಿಸಿದರು.
